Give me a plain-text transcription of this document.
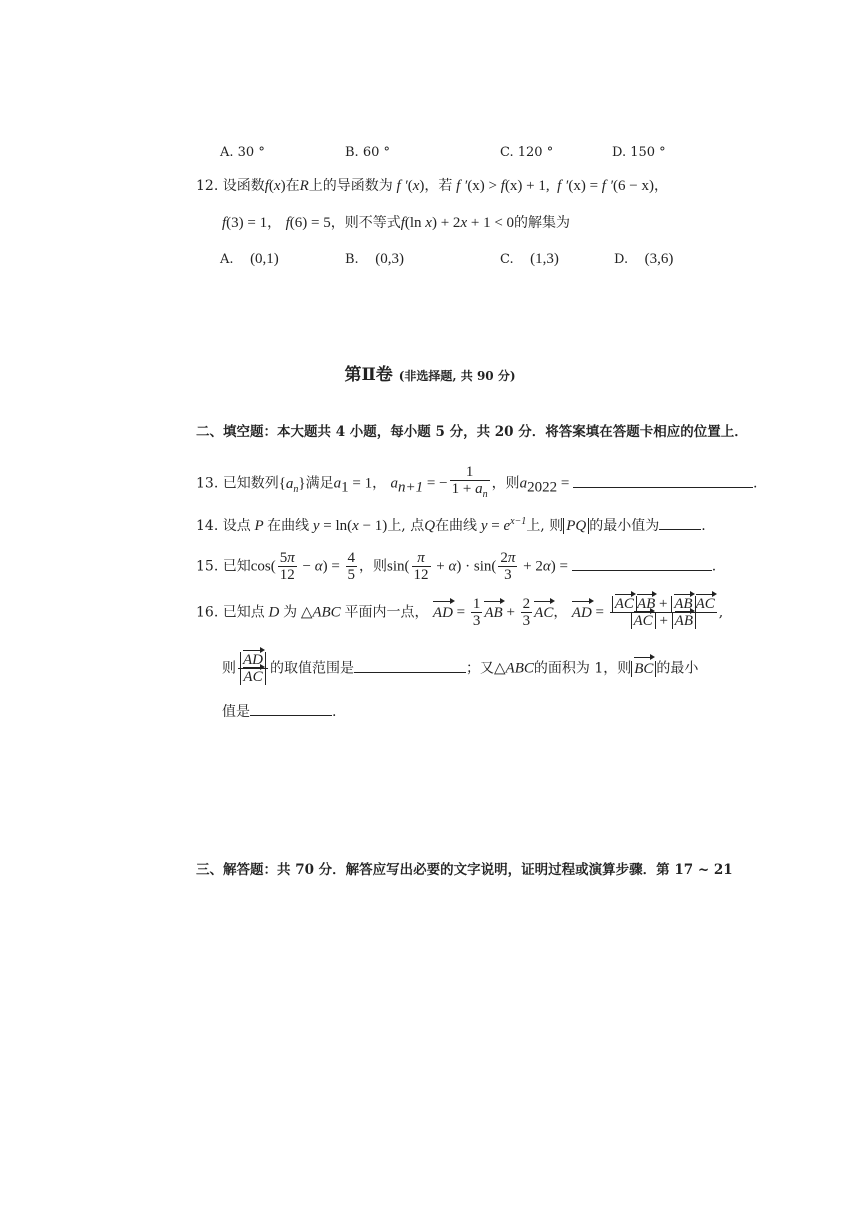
A. 30 °	B. 60 °	C. 120 °	D. 150 °
12. 设函数f(x)在R上的导函数为 f ′(x)，若 f ′(x) > f(x) + 1,  f ′(x) = f ′(6 − x)，
f(3) = 1， f(6) = 5，则不等式f(ln x) + 2x + 1 < 0的解集为
A. (0,1)	B. (0,3)	C. (1,3)	D. (3,6)
第Ⅱ卷 (非选择题, 共 90 分)
二、填空题：本大题共 4 小题，每小题 5 分，共 20 分．将答案填在答题卡相应的位置上．
13. 已知数列$\{a_n\}$满足$a_1 = 1$， $a_{n+1}$ = − $\frac{1}{1 + a_n}$ ，则$a_{2022}$ =	.
14. 设点 P 在曲线 y = ln(x − 1)上, 点Q在曲线 $y = e^{x-1}$上, 则 PQ 的最小值为	.
15. 已知$\cos( \frac{5\pi}{12} - \alpha) = \frac{4}{5}$ ，则$\sin( \frac{\pi}{12} + \alpha) \cdot \sin( \frac{2\pi}{3} + 2\alpha)$ =	.
16. 已知点 D 为 △ABC 平面内一点， AD = $\frac{1}{3}$ AB + $\frac{2}{3}$ AC， AD = $\frac{\text{AC AB + AB AC}}{AC + AB}$ ,
则 $\frac{AD}{AC}$ 的取值范围是	；又△ABC的面积为 1，则 BC 的最小
值是	.
三、解答题：共 70 分．解答应写出必要的文字说明，证明过程或演算步骤．第 17 ~ 21
